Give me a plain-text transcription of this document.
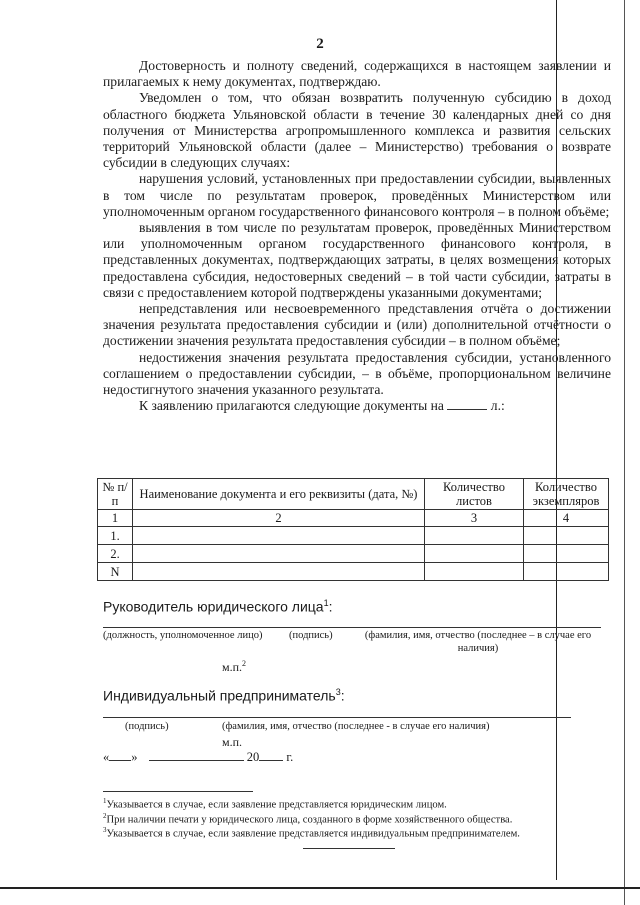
2

Достоверность и полноту сведений, содержащихся в настоящем заявлении и прилагаемых к нему документах, подтверждаю.

Уведомлен о том, что обязан возвратить полученную субсидию в доход областного бюджета Ульяновской области в течение 30 календарных дней со дня получения от Министерства агропромышленного комплекса и развития сельских территорий Ульяновской области (далее – Министерство) требования о возврате субсидии в следующих случаях:

нарушения условий, установленных при предоставлении субсидии, выявленных в том числе по результатам проверок, проведённых Министерством или уполномоченным органом государственного финансового контроля – в полном объёме;

выявления в том числе по результатам проверок, проведённых Министерством или уполномоченным органом государственного финансового контроля, в представленных документах, подтверждающих затраты, в целях возмещения которых предоставлена субсидия, недостоверных сведений – в той части субсидии, затраты в связи с предоставлением которой подтверждены указанными документами;

непредставления или несвоевременного представления отчёта о достижении значения результата предоставления субсидии и (или) дополнительной отчётности о достижении значения результата предоставления субсидии – в полном объёме;

недостижения значения результата предоставления субсидии, установленного соглашением о предоставлении субсидии, – в объёме, пропорциональном величине недостигнутого значения указанного результата.

К заявлению прилагаются следующие документы на	л.:

№ п/п	Наименование документа и его реквизиты (дата, №)	Количество листов	Количество экземпляров
1	2	3	4
1.			
2.			
N			
Руководитель юридического лица$^1$:
(должность, уполномоченное лицо)	(подпись)	(фамилия, имя, отчество (последнее – в случае его наличия)
м.п.$^2$
Индивидуальный предприниматель$^3$:
(подпись)	(фамилия, имя, отчество (последнее - в случае его наличия)
м.п.
« »	20 г.
$^1$Указывается в случае, если заявление представляется юридическим лицом.
$^2$При наличии печати у юридического лица, созданного в форме хозяйственного общества.
$^3$Указывается в случае, если заявление представляется индивидуальным предпринимателем.
